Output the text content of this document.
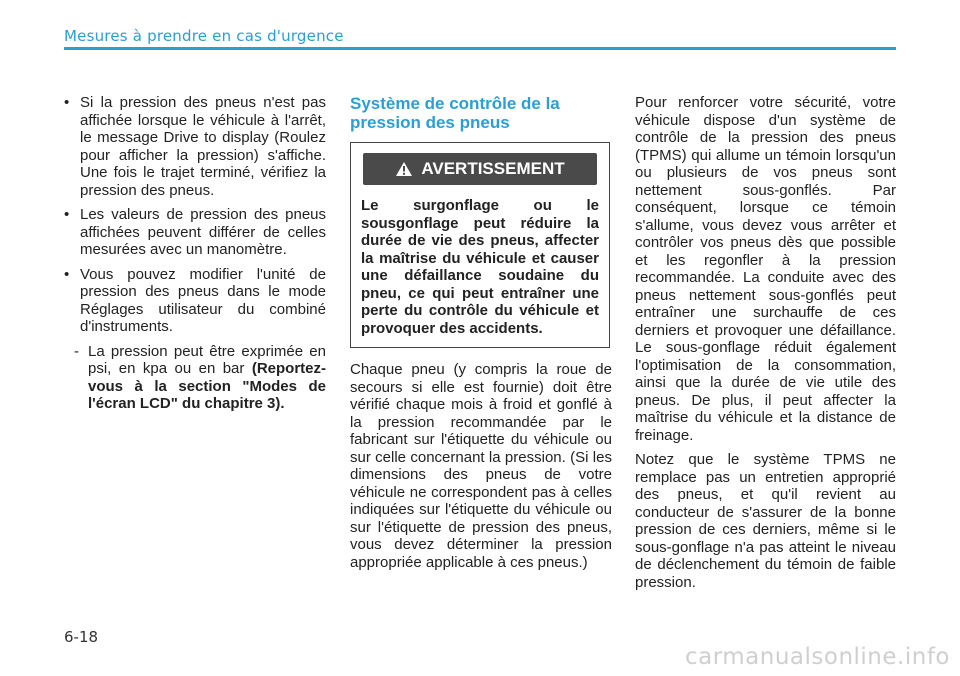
Mesures à prendre en cas d'urgence
• Si la pression des pneus n'est pas affichée lorsque le véhicule à l'arrêt, le message Drive to display (Roulez pour afficher la pression) s'affiche. Une fois le trajet terminé, vérifiez la pression des pneus.
• Les valeurs de pression des pneus affichées peuvent différer de celles mesurées avec un manomètre.
• Vous pouvez modifier l'unité de pression des pneus dans le mode Réglages utilisateur du combiné d'instruments.
- La pression peut être exprimée en psi, en kpa ou en bar (Reportez-vous à la section "Modes de l'écran LCD" du chapitre 3).
Système de contrôle de la pression des pneus
AVERTISSEMENT
Le surgonflage ou le sousgonflage peut réduire la durée de vie des pneus, affecter la maîtrise du véhicule et causer une défaillance soudaine du pneu, ce qui peut entraîner une perte du contrôle du véhicule et provoquer des accidents.
Chaque pneu (y compris la roue de secours si elle est fournie) doit être vérifié chaque mois à froid et gonflé à la pression recommandée par le fabricant sur l'étiquette du véhicule ou sur celle concernant la pression. (Si les dimensions des pneus de votre véhicule ne correspondent pas à celles indiquées sur l'étiquette du véhicule ou sur l'étiquette de pression des pneus, vous devez déterminer la pression appropriée applicable à ces pneus.)
Pour renforcer votre sécurité, votre véhicule dispose d'un système de contrôle de la pression des pneus (TPMS) qui allume un témoin lorsqu'un ou plusieurs de vos pneus sont nettement sous-gonflés. Par conséquent, lorsque ce témoin s'allume, vous devez vous arrêter et contrôler vos pneus dès que possible et les regonfler à la pression recommandée. La conduite avec des pneus nettement sous-gonflés peut entraîner une surchauffe de ces derniers et provoquer une défaillance. Le sous-gonflage réduit également l'optimisation de la consommation, ainsi que la durée de vie utile des pneus. De plus, il peut affecter la maîtrise du véhicule et la distance de freinage.
Notez que le système TPMS ne remplace pas un entretien approprié des pneus, et qu'il revient au conducteur de s'assurer de la bonne pression de ces derniers, même si le sous-gonflage n'a pas atteint le niveau de déclenchement du témoin de faible pression.
6-18
carmanualsonline.info
